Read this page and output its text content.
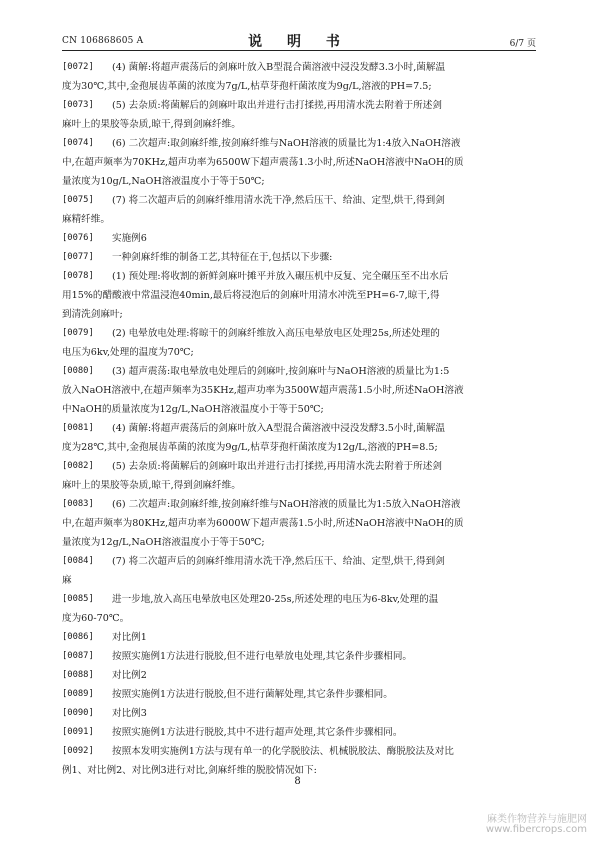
CN 106868605 A	说 明 书	6/7 页
[0072] (4) 菌解:将超声震荡后的剑麻叶放入B型混合菌溶液中浸没发酵3.3小时,菌解温
度为30℃,其中,金孢展齿革菌的浓度为7g/L,枯草芽孢杆菌浓度为9g/L,溶液的PH=7.5;
[0073] (5) 去杂质:将菌解后的剑麻叶取出并进行击打揉搓,再用清水洗去附着于所述剑
麻叶上的果胶等杂质,晾干,得到剑麻纤维。
[0074] (6) 二次超声:取剑麻纤维,按剑麻纤维与NaOH溶液的质量比为1:4放入NaOH溶液
中,在超声频率为70KHz,超声功率为6500W下超声震荡1.3小时,所述NaOH溶液中NaOH的质
量浓度为10g/L,NaOH溶液温度小于等于50℃;
[0075] (7) 将二次超声后的剑麻纤维用清水洗干净,然后压干、给油、定型,烘干,得到剑
麻精纤维。
[0076] 实施例6
[0077] 一种剑麻纤维的制备工艺,其特征在于,包括以下步骤:
[0078] (1) 预处理:将收割的新鲜剑麻叶摊平并放入碾压机中反复、完全碾压至不出水后
用15%的醋酸液中常温浸泡40min,最后将浸泡后的剑麻叶用清水冲洗至PH=6-7,晾干,得
到清洗剑麻叶;
[0079] (2) 电晕放电处理:将晾干的剑麻纤维放入高压电晕放电区处理25s,所述处理的
电压为6kv,处理的温度为70℃;
[0080] (3) 超声震荡:取电晕放电处理后的剑麻叶,按剑麻叶与NaOH溶液的质量比为1:5
放入NaOH溶液中,在超声频率为35KHz,超声功率为3500W超声震荡1.5小时,所述NaOH溶液
中NaOH的质量浓度为12g/L,NaOH溶液温度小于等于50℃;
[0081] (4) 菌解:将超声震荡后的剑麻叶放入A型混合菌溶液中浸没发酵3.5小时,菌解温
度为28℃,其中,金孢展齿革菌的浓度为9g/L,枯草芽孢杆菌浓度为12g/L,溶液的PH=8.5;
[0082] (5) 去杂质:将菌解后的剑麻叶取出并进行击打揉搓,再用清水洗去附着于所述剑
麻叶上的果胶等杂质,晾干,得到剑麻纤维。
[0083] (6) 二次超声:取剑麻纤维,按剑麻纤维与NaOH溶液的质量比为1:5放入NaOH溶液
中,在超声频率为80KHz,超声功率为6000W下超声震荡1.5小时,所述NaOH溶液中NaOH的质
量浓度为12g/L,NaOH溶液温度小于等于50℃;
[0084] (7) 将二次超声后的剑麻纤维用清水洗干净,然后压干、给油、定型,烘干,得到剑
麻
[0085] 进一步地,放入高压电晕放电区处理20-25s,所述处理的电压为6-8kv,处理的温
度为60-70℃。
[0086] 对比例1
[0087] 按照实施例1方法进行脱胶,但不进行电晕放电处理,其它条件步骤相同。
[0088] 对比例2
[0089] 按照实施例1方法进行脱胶,但不进行菌解处理,其它条件步骤相同。
[0090] 对比例3
[0091] 按照实施例1方法进行脱胶,其中不进行超声处理,其它条件步骤相同。
[0092] 按照本发明实施例1方法与现有单一的化学脱胶法、机械脱胶法、酶脱胶法及对比
例1、对比例2、对比例3进行对比,剑麻纤维的脱胶情况如下:
8
麻类作物营养与施肥网
www.fibercrops.com
